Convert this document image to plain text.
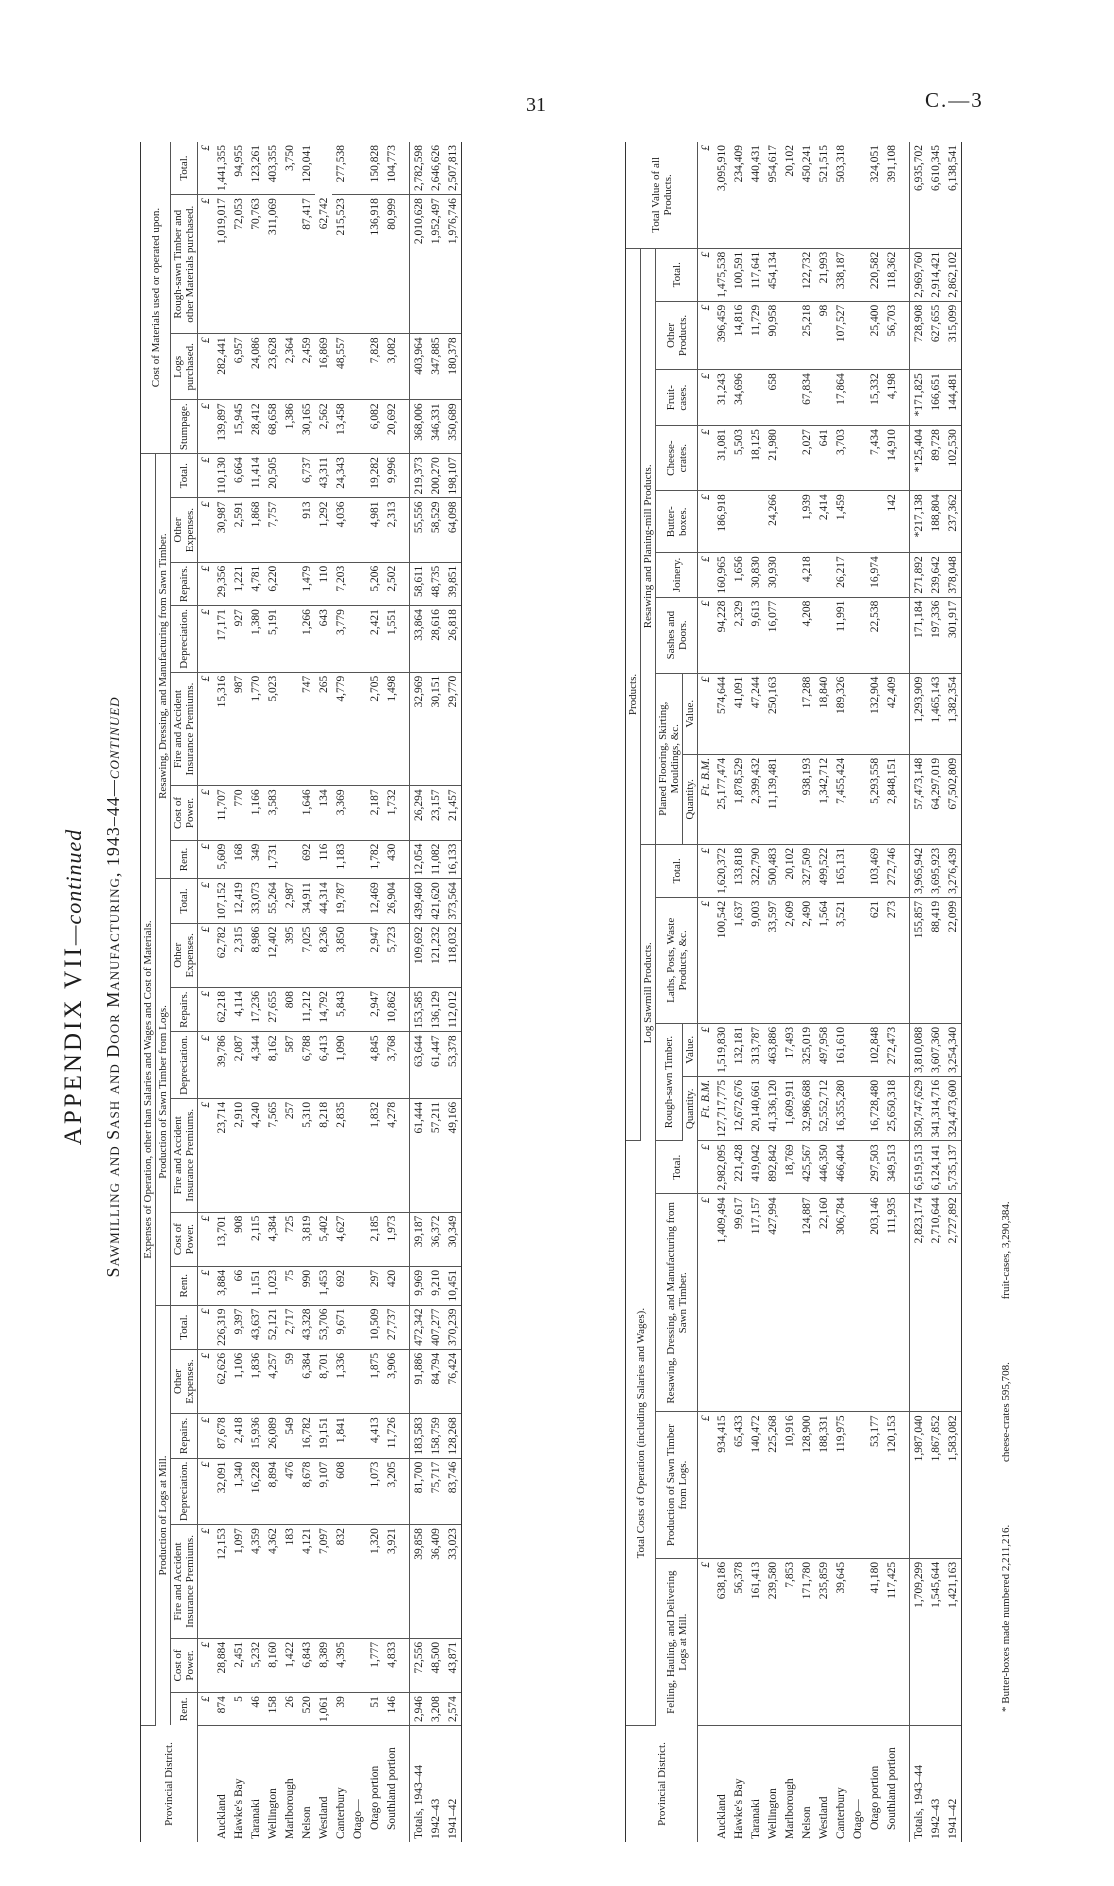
31	C.—3
APPENDIX VII—continued Sawmilling and Sash and Door Manufacturing, 1943–44—continued
Provincial District.	Expenses of Operation, other than Salaries and Wages and Cost of Materials.																					Cost of Materials used or operated upon.			
	Production of Logs at Mill.							Production of Sawn Timber from Logs.							Resawing, Dressing, and Manufacturing from Sawn Timber.										
	Rent.	Cost of Power.	Fire and Accident Insurance Premiums.	Depreciation.	Repairs.	Other Expenses.	Total.	Rent.	Cost of Power.	Fire and Accident Insurance Premiums.	Depreciation.	Repairs.	Other Expenses.	Total.	Rent.	Cost of Power.	Fire and Accident Insurance Premiums.	Depreciation.	Repairs.	Other Expenses.	Total.	Stumpage.	Logs purchased.	Rough-sawn Timber and other Materials purchased.	Total.
	£	£	£	£	£	£	£	£	£	£	£	£	£	£	£	£	£	£	£	£	£	£	£	£	£
Auckland	874	28,884	12,153	32,091	87,678	62,626	226,319	3,884	13,701	23,714	39,786	62,218	62,782	107,152	5,609	11,707	15,316	17,171	29,356	30,987	110,130	139,897	282,441	1,019,017	1,441,355
Hawke's Bay	5	2,451	1,097	1,340	2,418	1,106	9,397	66	908	2,910	2,087	4,114	2,315	12,419	168	770	987	927	1,221	2,591	6,664	15,945	6,957	72,053	94,955
Taranaki	46	5,232	4,359	16,228	15,936	1,836	43,637	1,151	2,115	4,240	4,344	17,236	8,986	33,073	349	1,166	1,770	1,380	4,781	1,868	11,414	28,412	24,086	70,763	123,261
Wellington	158	8,160	4,362	8,894	26,089	4,257	52,121	1,023	4,384	7,565	8,162	27,655	12,402	55,264	1,731	3,583	5,023	5,191	6,220	7,757	20,505	68,658	23,628	311,069	403,355
Marlborough	26	1,422	183	476	549	59	2,717	75	725	257	587	808	395	2,987								1,386	2,364		3,750
Nelson	520	6,843	4,121	8,678	16,782	6,384	43,328	990	3,819	5,310	6,788	11,212	7,025	34,911	692	1,646	747	1,266	1,479	913	6,737	30,165	2,459	87,417	120,041
Westland	1,061	8,389	7,097	9,107	19,151	8,701	53,706	1,453	5,402	8,218	6,413	14,792	8,236	44,314	116	134	265	643	110	1,292	43,311	2,562	16,869	62,742	
Canterbury	39	4,395	832	608	1,841	1,336	9,671	692	4,627	2,835	1,090	5,843	3,850	19,787	1,183	3,369	4,779	3,779	7,203	4,036	24,343	13,458	48,557	215,523	277,538
Otago—																									
Otago portion	51	1,777	1,320	1,073	4,413	1,875	10,509	297	2,185	1,832	4,845	2,947	2,947	12,469	1,782	2,187	2,705	2,421	5,206	4,981	19,282	6,082	7,828	136,918	150,828
Southland portion	146	4,833	3,921	3,205	11,726	3,906	27,737	420	1,973	4,278	3,768	10,862	5,723	26,904	430	1,732	1,498	1,551	2,502	2,313	9,996	20,692	3,082	80,999	104,773

Totals, 1943–44	2,946	72,556	39,858	81,700	183,583	91,886	472,342	9,969	39,187	61,444	63,644	153,585	109,692	439,460	12,054	26,294	32,969	33,864	58,611	55,556	219,373	368,006	403,964	2,010,628	2,782,598
1942–43	3,208	48,500	36,409	75,717	158,759	84,794	407,277	9,210	36,372	57,211	61,447	136,129	121,232	421,620	11,082	23,157	30,151	28,616	48,735	58,529	200,270	346,331	347,885	1,952,497	2,646,626
1941–42	2,574	43,871	33,023	83,746	128,268	76,424	370,239	10,451	30,349	49,166	53,378	112,012	118,032	373,564	16,133	21,457	29,770	26,818	39,851	64,098	198,107	350,689	180,378	1,976,746	2,507,813
Provincial District.	Total Costs of Operation (including Salaries and Wages).				Products.													Total Value of all Products.
					Log Sawmill Products.				Resawing and Planing-mill Products.									
	Felling, Hauling, and Delivering Logs at Mill.	Production of Sawn Timber from Logs.	Resawing, Dressing, and Manufacturing from Sawn Timber.	Total.	Rough-sawn Timber.		Laths, Posts, Waste Products, &c.	Total.	Planed Flooring, Skirting, Mouldings, &c.		Sashes and Doors.	Joinery.	Butter-boxes.	Cheese-crates.	Fruit-cases.	Other Products.	Total.	
					Quantity.	Value.			Quantity.	Value.								
	£	£	£	£	Ft. B.M.	£	£	£	Ft. B.M.	£	£	£	£	£	£	£	£	£
Auckland	638,186	934,415	1,409,494	2,982,095	127,717,775	1,519,830	100,542	1,620,372	25,177,474	574,644	94,228	160,965	186,918	31,081	31,243	396,459	1,475,538	3,095,910
Hawke's Bay	56,378	65,433	99,617	221,428	12,672,676	132,181	1,637	133,818	1,878,529	41,091	2,329	1,656		5,503	34,696	14,816	100,591	234,409
Taranaki	161,413	140,472	117,157	419,042	20,140,661	313,787	9,003	322,790	2,399,432	47,244	9,613	30,830		18,125		11,729	117,641	440,431
Wellington	239,580	225,268	427,994	892,842	41,336,120	463,886	33,597	500,483	11,139,481	250,163	16,077	30,930	24,266	21,980	658	90,958	454,134	954,617
Marlborough	7,853	10,916		18,769	1,609,911	17,493	2,609	20,102										20,102
Nelson	171,780	128,900	124,887	425,567	32,986,688	325,019	2,490	327,509	938,193	17,288	4,208	4,218	1,939	2,027	67,834	25,218	122,732	450,241
Westland	235,859	188,331	22,160	446,350	52,552,712	497,958	1,564	499,522	1,342,712	18,840			2,414	641		98	21,993	521,515
Canterbury	39,645	119,975	306,784	466,404	16,355,280	161,610	3,521	165,131	7,455,424	189,326	11,991	26,217	1,459	3,703	17,864	107,527	338,187	503,318
Otago—																		
Otago portion	41,180	53,177	203,146	297,503	16,728,480	102,848	621	103,469	5,293,558	132,904	22,538	16,974		7,434	15,332	25,400	220,582	324,051
Southland portion	117,425	120,153	111,935	349,513	25,650,318	272,473	273	272,746	2,848,151	42,409			142	14,910	4,198	56,703	118,362	391,108

Totals, 1943–44	1,709,299	1,987,040	2,823,174	6,519,513	350,747,629	3,810,088	155,857	3,965,942	57,473,148	1,293,909	171,184	271,892	*217,138	*125,404	*171,825	728,908	2,969,760	6,935,702
1942–43	1,545,644	1,867,852	2,710,644	6,124,141	341,314,716	3,607,360	88,419	3,695,923	64,297,019	1,465,143	197,336	239,642	188,804	89,728	166,651	627,655	2,914,421	6,610,345
1941–42	1,421,163	1,583,082	2,727,892	5,735,137	324,473,600	3,254,340	22,099	3,276,439	67,502,809	1,382,354	301,917	378,048	237,362	102,530	144,481	315,099	2,862,102	6,138,541
* Butter-boxes made numbered 2,211,216. cheese-crates 595,708. fruit-cases, 3,290,384.
